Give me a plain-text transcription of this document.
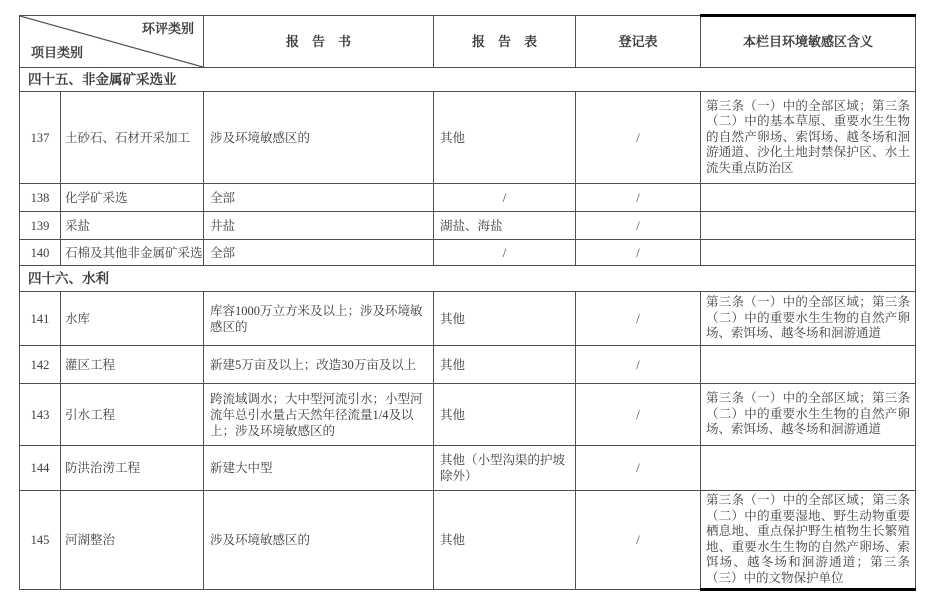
环评类别
项目类别		报　告　书	报　告　表	登记表	本栏目环境敏感区含义
四十五、非金属矿采选业					
137	土砂石、石材开采加工	涉及环境敏感区的	其他	/	第三条（一）中的全部区域；第三条（二）中的基本草原、重要水生生物的自然产卵场、索饵场、越冬场和洄游通道、沙化土地封禁保护区、水土流失重点防治区
138	化学矿采选	全部	/	/	
139	采盐	井盐	湖盐、海盐	/	
140	石棉及其他非金属矿采选	全部	/	/	
四十六、水利					
141	水库	库容1000万立方米及以上；涉及环境敏感区的	其他	/	第三条（一）中的全部区域；第三条（二）中的重要水生生物的自然产卵场、索饵场、越冬场和洄游通道
142	灌区工程	新建5万亩及以上；改造30万亩及以上	其他	/	
143	引水工程	跨流域调水；大中型河流引水；小型河流年总引水量占天然年径流量1/4及以上；涉及环境敏感区的	其他	/	第三条（一）中的全部区域；第三条（二）中的重要水生生物的自然产卵场、索饵场、越冬场和洄游通道
144	防洪治涝工程	新建大中型	其他（小型沟渠的护坡除外）	/	
145	河湖整治	涉及环境敏感区的	其他	/	第三条（一）中的全部区域；第三条（二）中的重要湿地、野生动物重要栖息地、重点保护野生植物生长繁殖地、重要水生生物的自然产卵场、索饵场、越冬场和洄游通道；第三条（三）中的文物保护单位
